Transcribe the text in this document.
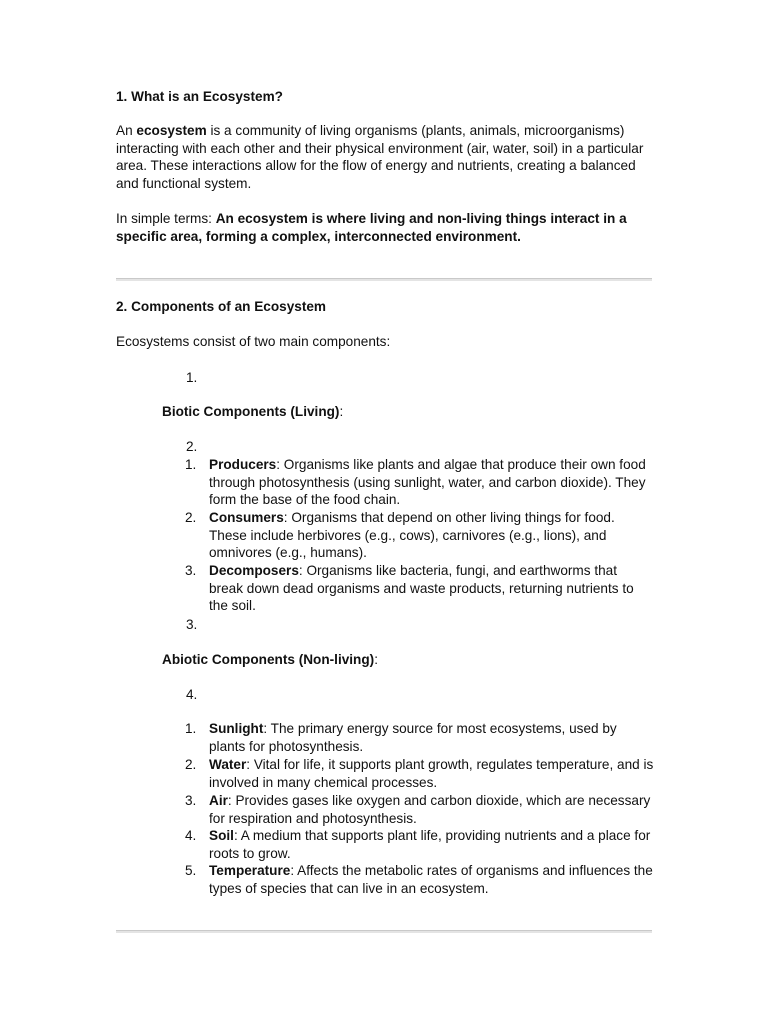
1. What is an Ecosystem?
An ecosystem is a community of living organisms (plants, animals, microorganisms) interacting with each other and their physical environment (air, water, soil) in a particular area. These interactions allow for the flow of energy and nutrients, creating a balanced and functional system.
In simple terms: An ecosystem is where living and non-living things interact in a specific area, forming a complex, interconnected environment.
2. Components of an Ecosystem
Ecosystems consist of two main components:
1.
Biotic Components (Living):
2.
1. Producers: Organisms like plants and algae that produce their own food through photosynthesis (using sunlight, water, and carbon dioxide). They form the base of the food chain.
2. Consumers: Organisms that depend on other living things for food. These include herbivores (e.g., cows), carnivores (e.g., lions), and omnivores (e.g., humans).
3. Decomposers: Organisms like bacteria, fungi, and earthworms that break down dead organisms and waste products, returning nutrients to the soil.
3.
Abiotic Components (Non-living):
4.
1. Sunlight: The primary energy source for most ecosystems, used by plants for photosynthesis.
2. Water: Vital for life, it supports plant growth, regulates temperature, and is involved in many chemical processes.
3. Air: Provides gases like oxygen and carbon dioxide, which are necessary for respiration and photosynthesis.
4. Soil: A medium that supports plant life, providing nutrients and a place for roots to grow.
5. Temperature: Affects the metabolic rates of organisms and influences the types of species that can live in an ecosystem.
